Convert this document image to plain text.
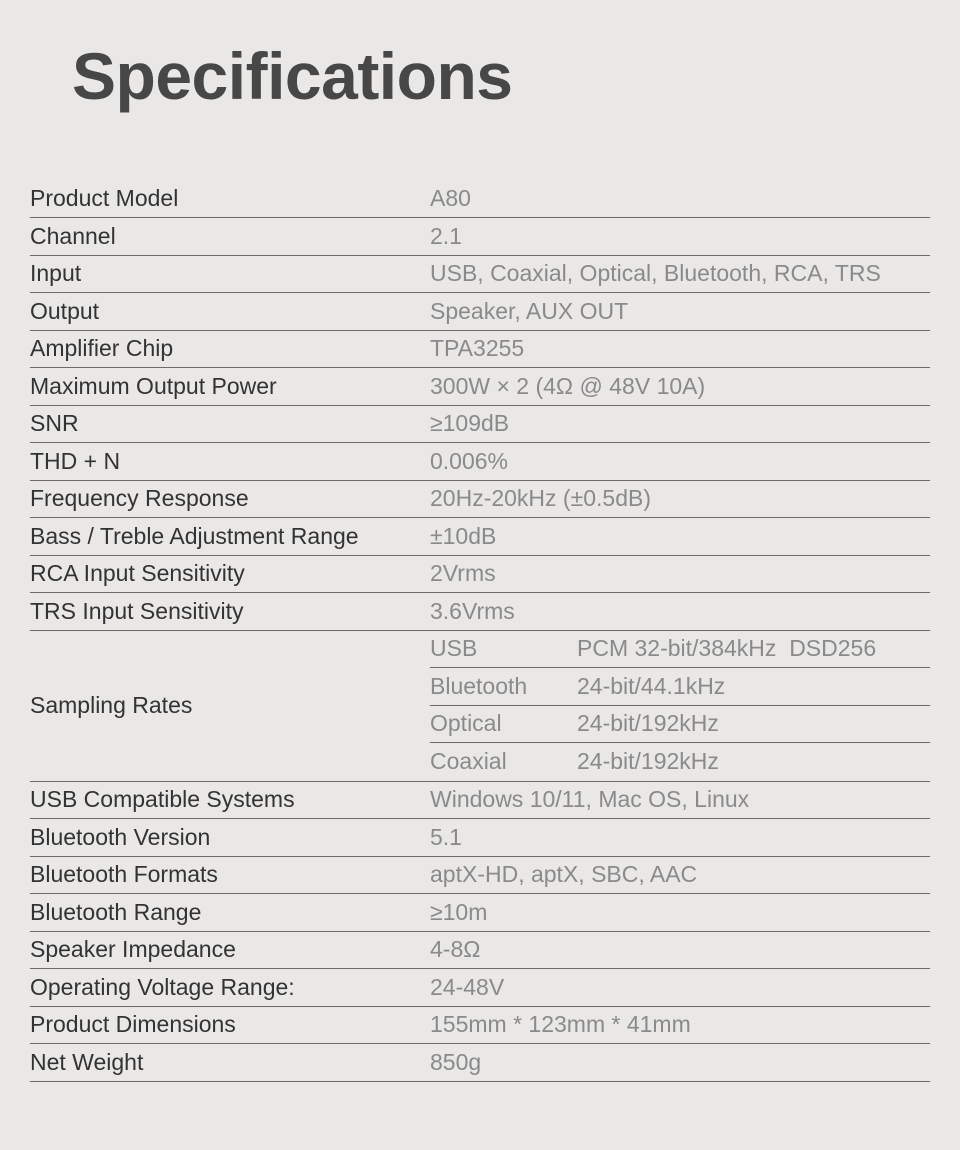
Specifications
Product Model	A80
Channel	2.1
Input	USB, Coaxial, Optical, Bluetooth, RCA, TRS
Output	Speaker, AUX OUT
Amplifier Chip	TPA3255
Maximum Output Power	300W × 2 (4Ω @ 48V 10A)
SNR	≥109dB
THD + N	0.006%
Frequency Response	20Hz-20kHz (±0.5dB)
Bass / Treble Adjustment Range	±10dB
RCA Input Sensitivity	2Vrms
TRS Input Sensitivity	3.6Vrms
Sampling Rates
USB	PCM 32-bit/384kHz  DSD256
Bluetooth	24-bit/44.1kHz
Optical	24-bit/192kHz
Coaxial	24-bit/192kHz
USB Compatible Systems	Windows 10/11, Mac OS, Linux
Bluetooth Version	5.1
Bluetooth Formats	aptX-HD, aptX, SBC, AAC
Bluetooth Range	≥10m
Speaker Impedance	4-8Ω
Operating Voltage Range:	24-48V
Product Dimensions	155mm * 123mm * 41mm
Net Weight	850g
